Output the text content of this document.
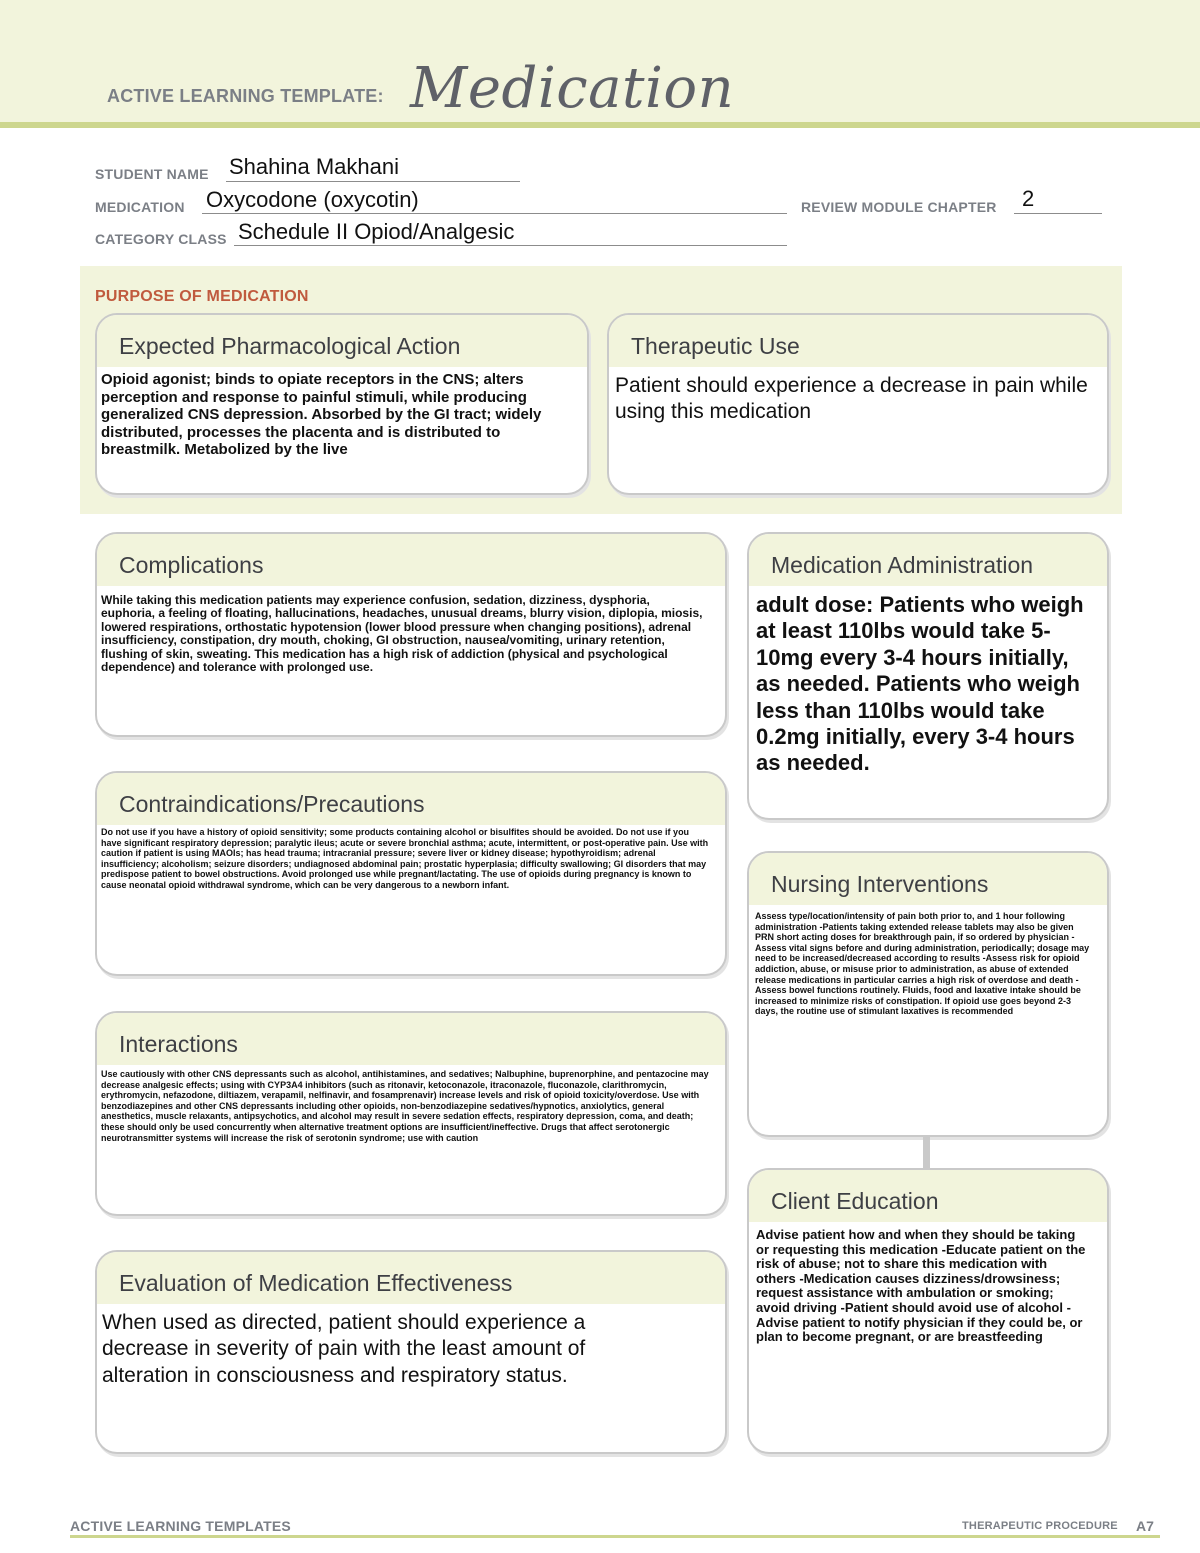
ACTIVE LEARNING TEMPLATE: Medication
STUDENT NAME Shahina Makhani
MEDICATION Oxycodone (oxycotin)	REVIEW MODULE CHAPTER 2
CATEGORY CLASS Schedule II Opiod/Analgesic
PURPOSE OF MEDICATION
Expected Pharmacological Action
Opioid agonist; binds to opiate receptors in the CNS; alters perception and response to painful stimuli, while producing generalized CNS depression. Absorbed by the GI tract; widely distributed, processes the placenta and is distributed to breastmilk. Metabolized by the live
Therapeutic Use
Patient should experience a decrease in pain while using this medication
Complications
While taking this medication patients may experience confusion, sedation, dizziness, dysphoria, euphoria, a feeling of floating, hallucinations, headaches, unusual dreams, blurry vision, diplopia, miosis, lowered respirations, orthostatic hypotension (lower blood pressure when changing positions), adrenal insufficiency, constipation, dry mouth, choking, GI obstruction, nausea/vomiting, urinary retention, flushing of skin, sweating. This medication has a high risk of addiction (physical and psychological dependence) and tolerance with prolonged use.
Medication Administration
adult dose: Patients who weigh at least 110lbs would take 5-10mg every 3-4 hours initially, as needed. Patients who weigh less than 110lbs would take 0.2mg initially, every 3-4 hours as needed.
Contraindications/Precautions
Do not use if you have a history of opioid sensitivity; some products containing alcohol or bisulfites should be avoided. Do not use if you have significant respiratory depression; paralytic ileus; acute or severe bronchial asthma; acute, intermittent, or post-operative pain. Use with caution if patient is using MAOIs; has head trauma; intracranial pressure; severe liver or kidney disease; hypothyroidism; adrenal insufficiency; alcoholism; seizure disorders; undiagnosed abdominal pain; prostatic hyperplasia; difficulty swallowing; GI disorders that may predispose patient to bowel obstructions. Avoid prolonged use while pregnant/lactating. The use of opioids during pregnancy is known to cause neonatal opioid withdrawal syndrome, which can be very dangerous to a newborn infant.	Nursing Interventions
Assess type/location/intensity of pain both prior to, and 1 hour following administration -Patients taking extended release tablets may also be given PRN short acting doses for breakthrough pain, if so ordered by physician -Assess vital signs before and during administration, periodically; dosage may need to be increased/decreased according to results -Assess risk for opioid addiction, abuse, or misuse prior to administration, as abuse of extended release medications in particular carries a high risk of overdose and death -Assess bowel functions routinely. Fluids, food and laxative intake should be increased to minimize risks of constipation. If opioid use goes beyond 2-3 days, the routine use of stimulant laxatives is recommended
Interactions
Use cautiously with other CNS depressants such as alcohol, antihistamines, and sedatives; Nalbuphine, buprenorphine, and pentazocine may decrease analgesic effects; using with CYP3A4 inhibitors (such as ritonavir, ketoconazole, itraconazole, fluconazole, clarithromycin, erythromycin, nefazodone, diltiazem, verapamil, nelfinavir, and fosamprenavir) increase levels and risk of opioid toxicity/overdose. Use with benzodiazepines and other CNS depressants including other opioids, non-benzodiazepine sedatives/hypnotics, anxiolytics, general anesthetics, muscle relaxants, antipsychotics, and alcohol may result in severe sedation effects, respiratory depression, coma, and death; these should only be used concurrently when alternative treatment options are insufficient/ineffective. Drugs that affect serotonergic neurotransmitter systems will increase the risk of serotonin syndrome; use with caution
Client Education
Advise patient how and when they should be taking or requesting this medication -Educate patient on the risk of abuse; not to share this medication with others -Medication causes dizziness/drowsiness; request assistance with ambulation or smoking; avoid driving -Patient should avoid use of alcohol -Advise patient to notify physician if they could be, or plan to become pregnant, or are breastfeeding
Evaluation of Medication Effectiveness
When used as directed, patient should experience a decrease in severity of pain with the least amount of alteration in consciousness and respiratory status.
ACTIVE LEARNING TEMPLATES	THERAPEUTIC PROCEDURE A7
